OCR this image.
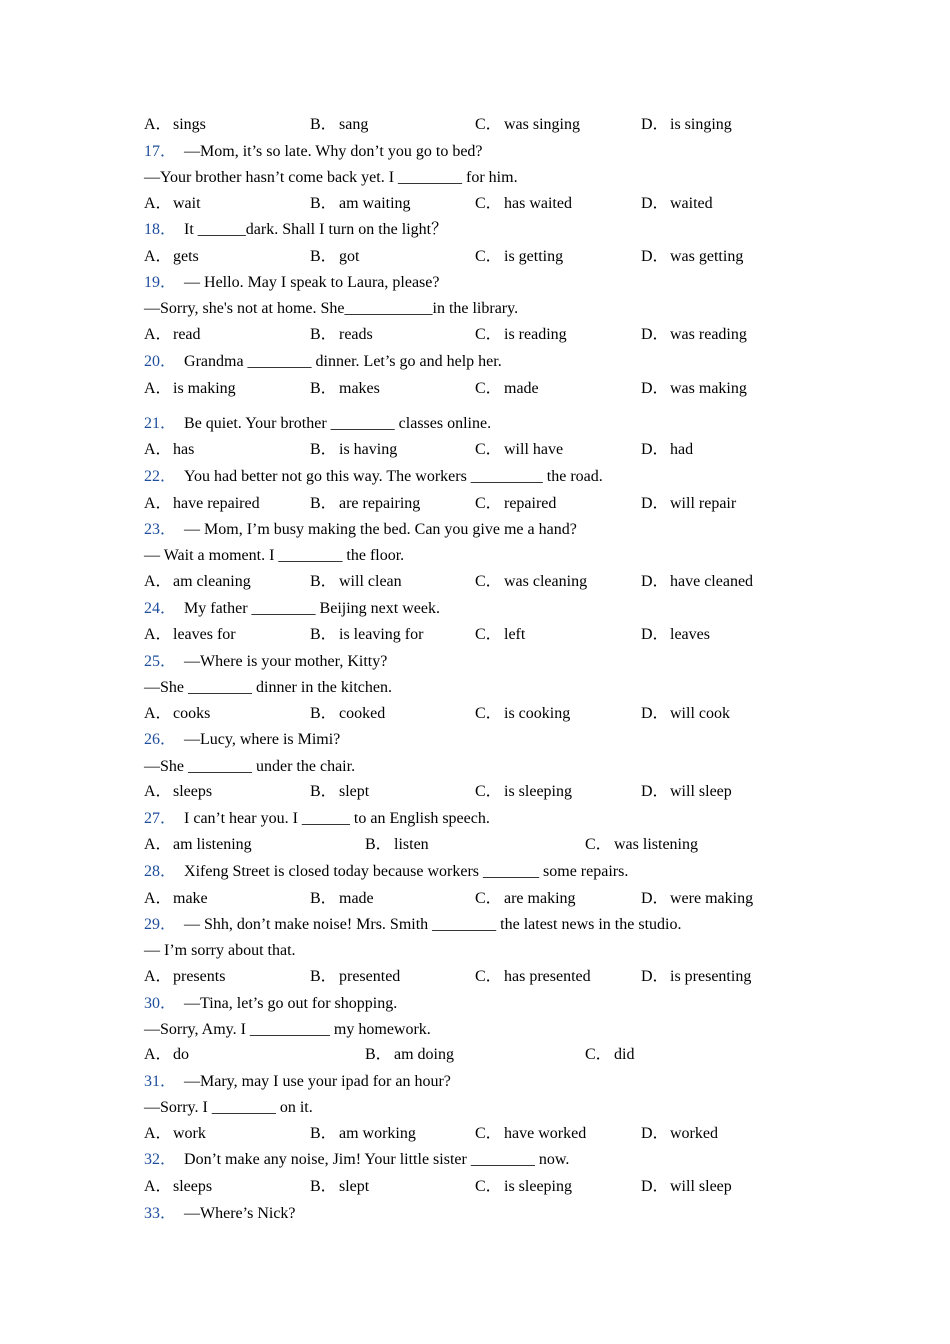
A．sings	B． sang	C． was singing	D．is singing
17． —Mom, it’s so late. Why don’t you go to bed?
—Your brother hasn’t come back yet. I ________ for him.
A．wait	B． am waiting	C． has waited	D．waited
18． It ______dark. Shall I turn on the light？
A．gets	B． got	C． is getting	D．was getting
19． — Hello. May I speak to Laura, please?
—Sorry, she's not at home. She___________in the library.
A．read	B． reads	C． is reading	D．was reading
20． Grandma ________ dinner. Let’s go and help her.
A．is making	B． makes	C． made	D．was making
21． Be quiet. Your brother ________ classes online.
A．has	B． is having	C． will have	D．had
22． You had better not go this way. The workers _________ the road.
A．have repaired	B． are repairing	C． repaired	D．will repair
23． — Mom, I’m busy making the bed. Can you give me a hand?
— Wait a moment. I ________ the floor.
A．am cleaning	B． will clean	C． was cleaning	D．have cleaned
24． My father ________ Beijing next week.
A．leaves for	B． is leaving for	C． left	D．leaves
25． —Where is your mother, Kitty?
—She ________ dinner in the kitchen.
A．cooks	B． cooked	C． is cooking	D．will cook
26． —Lucy, where is Mimi?
—She ________ under the chair.
A．sleeps	B． slept	C． is sleeping	D．will sleep
27． I can’t hear you. I ______ to an English speech.
A．am listening	B． listen	C． was listening
28． Xifeng Street is closed today because workers _______ some repairs.
A．make	B． made	C． are making	D．were making
29． — Shh, don’t make noise! Mrs. Smith ________ the latest news in the studio.
— I’m sorry about that.
A．presents	B． presented	C． has presented	D．is presenting
30． —Tina, let’s go out for shopping.
—Sorry, Amy. I __________ my homework.
A．do	B． am doing	C． did
31． —Mary, may I use your ipad for an hour?
—Sorry. I ________ on it.
A．work	B． am working	C． have worked	D．worked
32． Don’t make any noise, Jim! Your little sister ________ now.
A．sleeps	B． slept	C． is sleeping	D．will sleep
33． —Where’s Nick?
